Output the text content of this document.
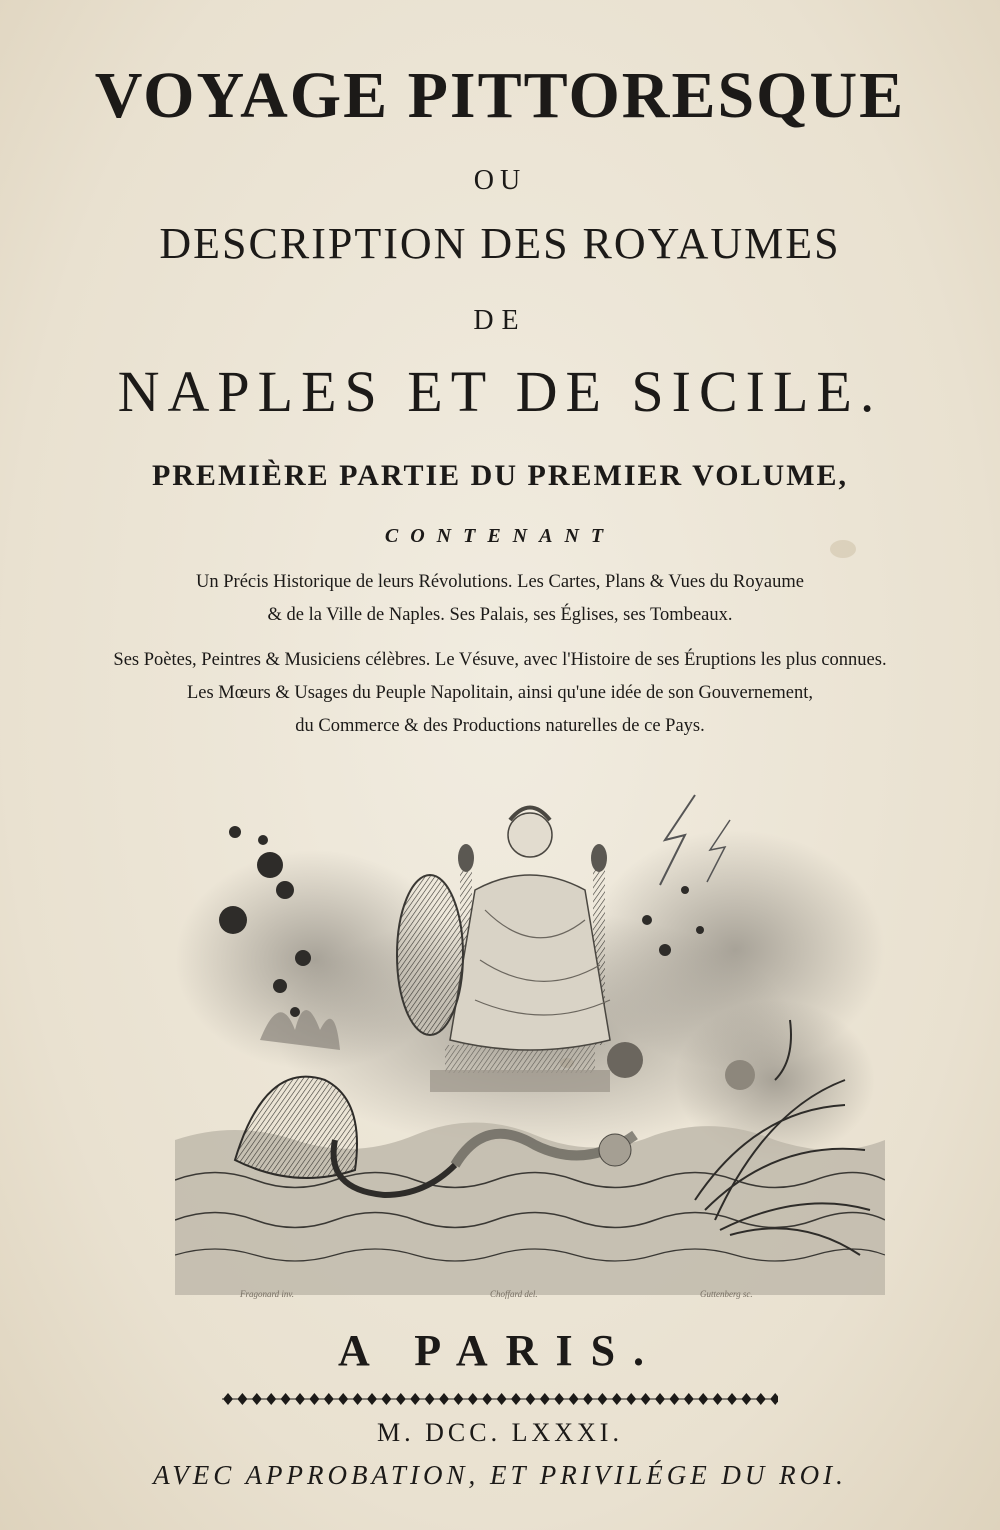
VOYAGE PITTORESQUE
OU
DESCRIPTION DES ROYAUMES
DE
NAPLES ET DE SICILE.
PREMIÈRE PARTIE DU PREMIER VOLUME,
CONTENANT
Un Précis Historique de leurs Révolutions. Les Cartes, Plans & Vues du Royaume
& de la Ville de Naples. Ses Palais, ses Églises, ses Tombeaux.
Ses Poètes, Peintres & Musiciens célèbres. Le Vésuve, avec l'Histoire de ses Éruptions les plus connues.
Les Mœurs & Usages du Peuple Napolitain, ainsi qu'une idée de son Gouvernement,
du Commerce & des Productions naturelles de ce Pays.
Fragonard inv.	Choffard del.	Guttenberg sc.
A PARIS.
M. DCC. LXXXI.
AVEC APPROBATION, ET PRIVILÉGE DU ROI.
